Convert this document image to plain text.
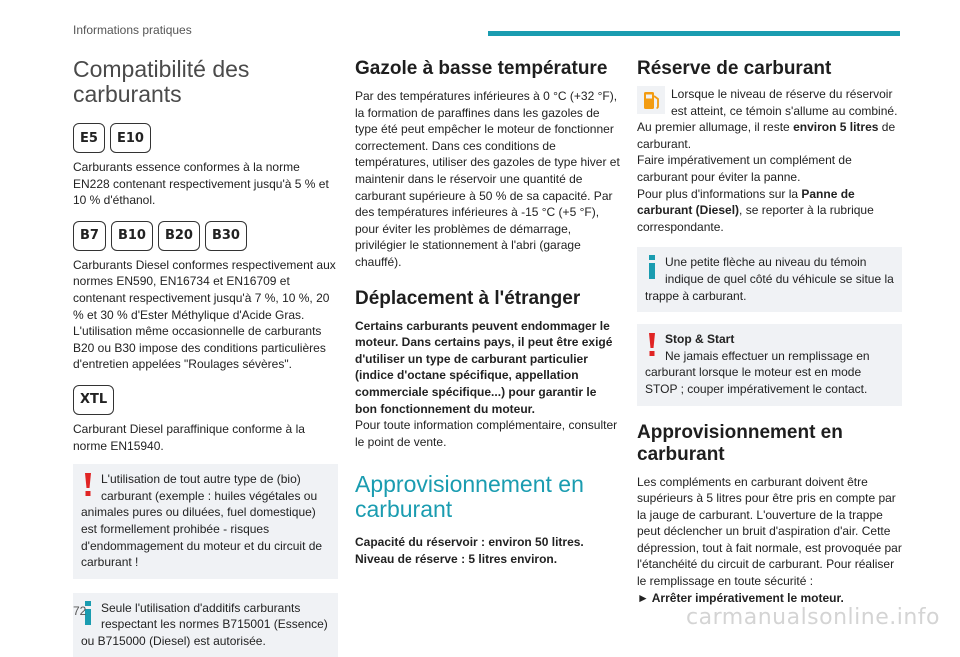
Informations pratiques
Compatibilité des carburants
E5	E10
Carburants essence conformes à la norme EN228 contenant respectivement jusqu'à 5 % et 10 % d'éthanol.
B7	B10	B20	B30
Carburants Diesel conformes respectivement aux normes EN590, EN16734 et EN16709 et contenant respectivement jusqu'à 7 %, 10 %, 20 % et 30 % d'Ester Méthylique d'Acide Gras. L'utilisation même occasionnelle de carburants B20 ou B30 impose des conditions particulières d'entretien appelées "Roulages sévères".
XTL
Carburant Diesel paraffinique conforme à la norme EN15940.
L'utilisation de tout autre type de (bio) carburant (exemple : huiles végétales ou animales pures ou diluées, fuel domestique) est formellement prohibée - risques d'endommagement du moteur et du circuit de carburant !
Seule l'utilisation d'additifs carburants respectant les normes B715001 (Essence) ou B715000 (Diesel) est autorisée.
Gazole à basse température
Par des températures inférieures à 0 °C (+32 °F), la formation de paraffines dans les gazoles de type été peut empêcher le moteur de fonctionner correctement. Dans ces conditions de températures, utiliser des gazoles de type hiver et maintenir dans le réservoir une quantité de carburant supérieure à 50 % de sa capacité. Par des températures inférieures à -15 °C (+5 °F), pour éviter les problèmes de démarrage, privilégier le stationnement à l'abri (garage chauffé).
Déplacement à l'étranger
Certains carburants peuvent endommager le moteur. Dans certains pays, il peut être exigé d'utiliser un type de carburant particulier (indice d'octane spécifique, appellation commerciale spécifique...) pour garantir le bon fonctionnement du moteur.
Pour toute information complémentaire, consulter le point de vente.
Approvisionnement en carburant
Capacité du réservoir : environ 50 litres. Niveau de réserve : 5 litres environ.
Réserve de carburant
Lorsque le niveau de réserve du réservoir est atteint, ce témoin s'allume au combiné. Au premier allumage, il reste environ 5 litres de carburant.
Faire impérativement un complément de carburant pour éviter la panne.
Pour plus d'informations sur la Panne de carburant (Diesel), se reporter à la rubrique correspondante.
Une petite flèche au niveau du témoin indique de quel côté du véhicule se situe la trappe à carburant.
Stop & Start
Ne jamais effectuer un remplissage en carburant lorsque le moteur est en mode STOP ; couper impérativement le contact.
Approvisionnement en carburant
Les compléments en carburant doivent être supérieurs à 5 litres pour être pris en compte par la jauge de carburant. L'ouverture de la trappe peut déclencher un bruit d'aspiration d'air. Cette dépression, tout à fait normale, est provoquée par l'étanchéité du circuit de carburant. Pour réaliser le remplissage en toute sécurité :
► Arrêter impérativement le moteur.
72	carmanualsonline.info
